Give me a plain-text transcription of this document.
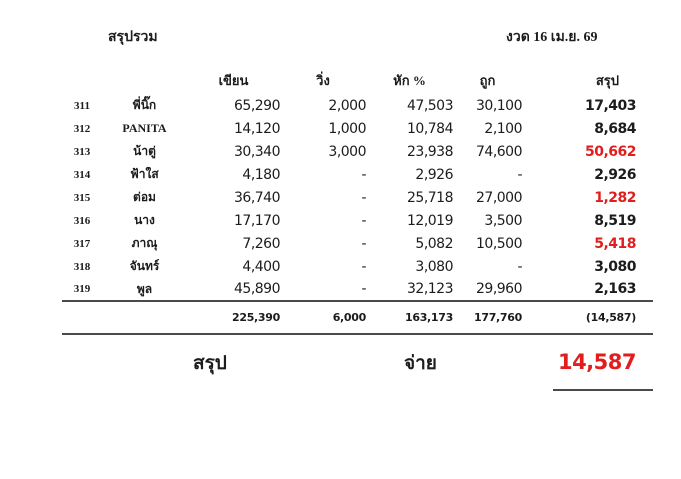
สรุปรวม	งวด 16 เม.ย. 69
		เขียน	วิ่ง	หัก %	ถูก	สรุป
311	พี่นิ๊ก	65,290	2,000	47,503	30,100	17,403
312	PANITA	14,120	1,000	10,784	2,100	8,684
313	น้าตู่	30,340	3,000	23,938	74,600	50,662
314	ฟ้าใส	4,180	-	2,926	-	2,926
315	ต่อม	36,740	-	25,718	27,000	1,282
316	นาง	17,170	-	12,019	3,500	8,519
317	ภาณุ	7,260	-	5,082	10,500	5,418
318	จันทร์	4,400	-	3,080	-	3,080
319	พูล	45,890	-	32,123	29,960	2,163
		225,390	6,000	163,173	177,760	(14,587)
สรุป	จ่าย	14,587
